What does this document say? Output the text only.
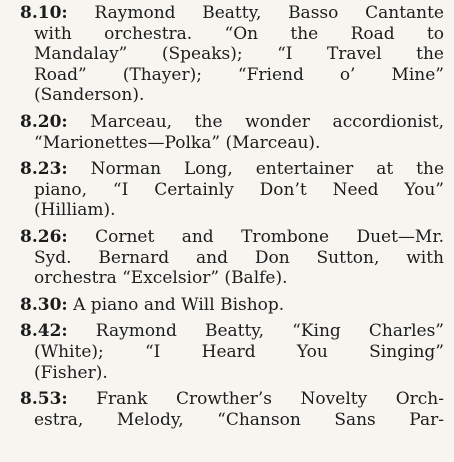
8.10: Raymond Beatty, Basso Cantante
with orchestra. “On the Road to
Mandalay” (Speaks); “I Travel the
Road” (Thayer); “Friend o’ Mine”
(Sanderson).
8.20: Marceau, the wonder accordionist,
“Marionettes—Polka” (Marceau).
8.23: Norman Long, entertainer at the
piano, “I Certainly Don’t Need You”
(Hilliam).
8.26: Cornet and Trombone Duet—Mr.
Syd. Bernard and Don Sutton, with
orchestra “Excelsior” (Balfe).
8.30: A piano and Will Bishop.
8.42: Raymond Beatty, “King Charles”
(White); “I Heard You Singing”
(Fisher).
8.53: Frank Crowther’s Novelty Orch-
estra, Melody, “Chanson Sans Par-
